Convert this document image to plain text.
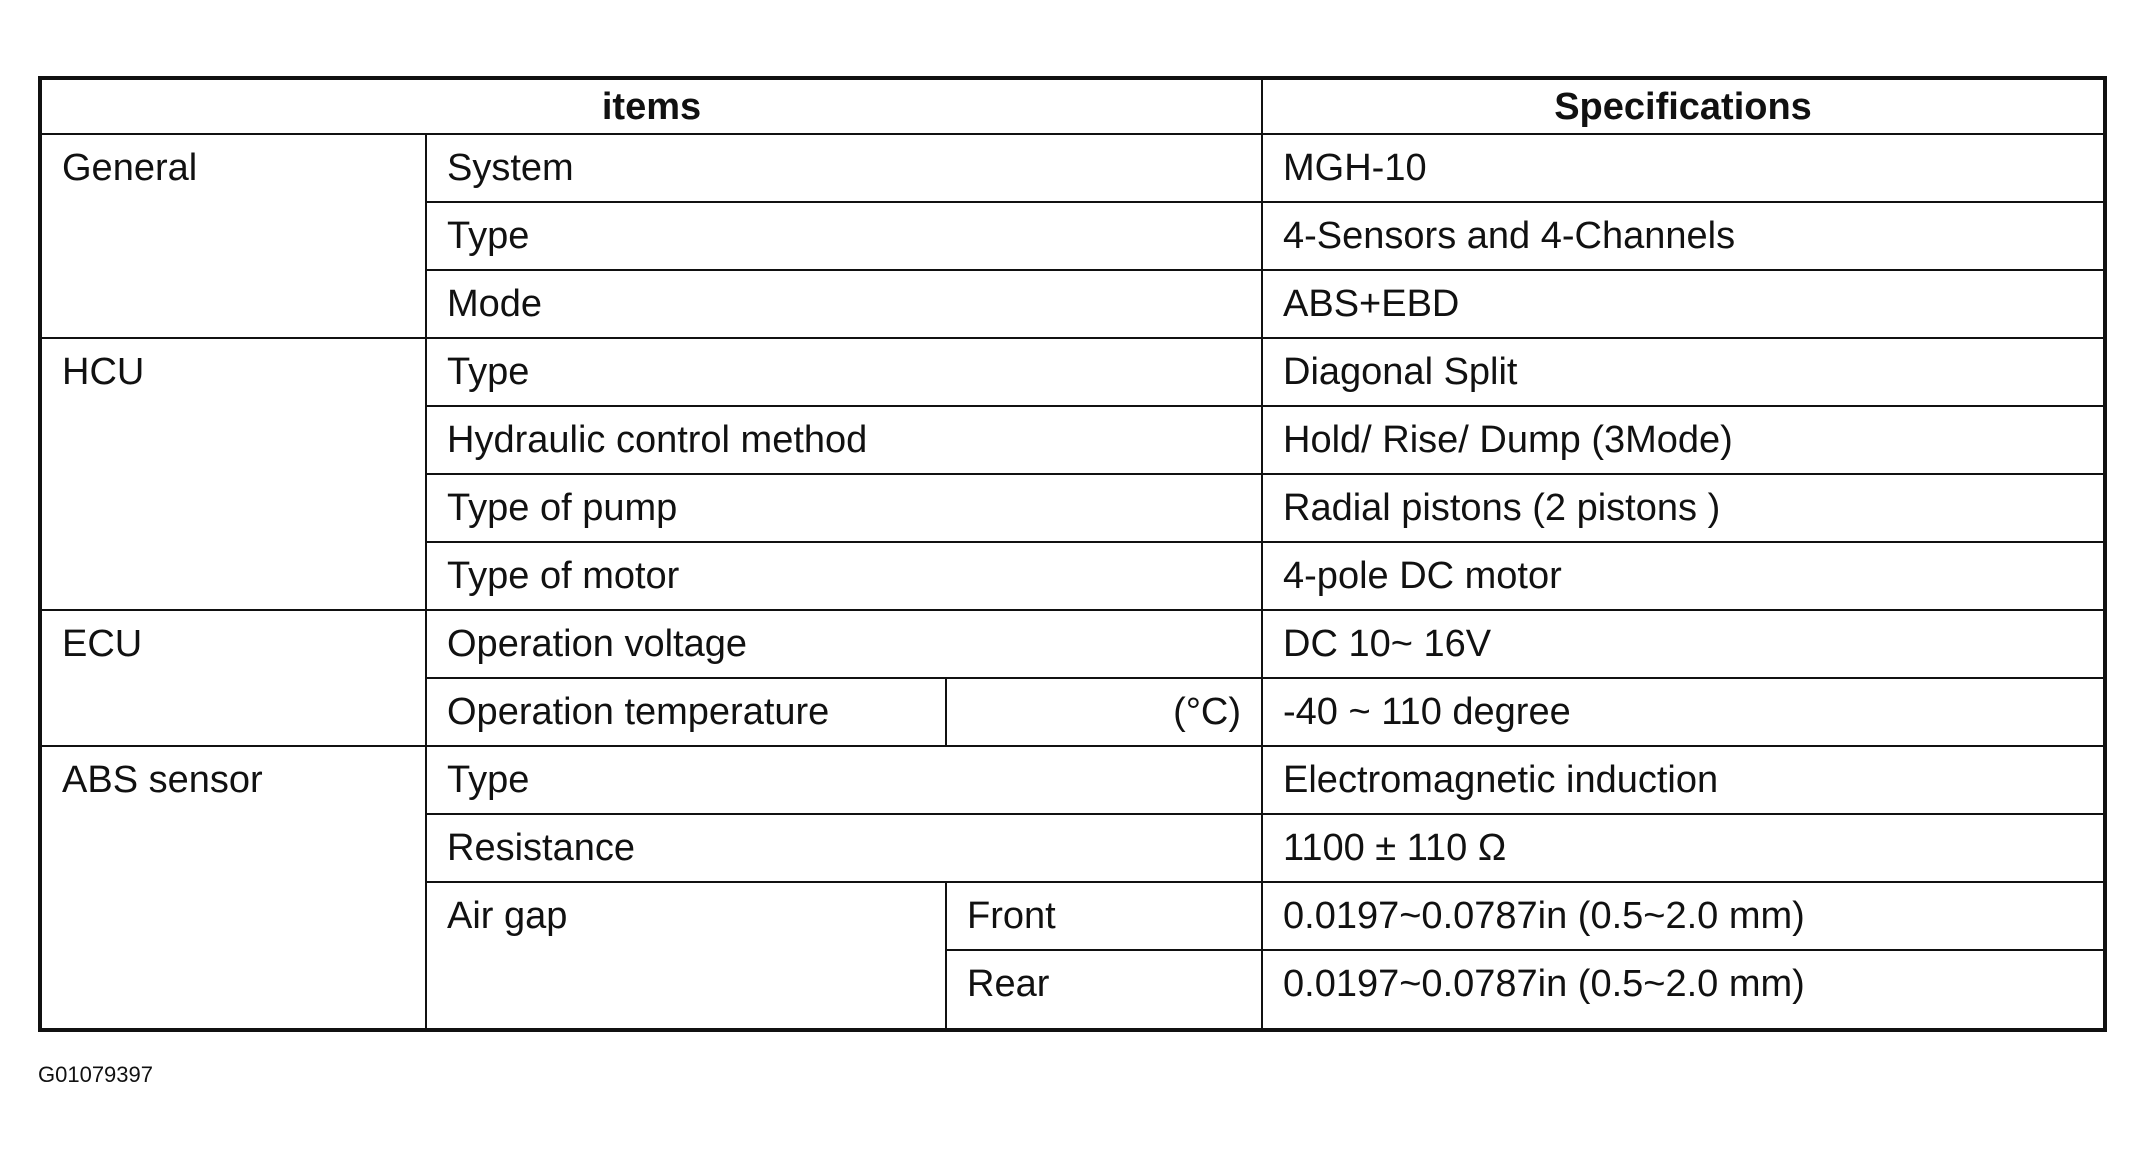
items			Specifications
General	System		MGH-10
	Type		4-Sensors and 4-Channels
	Mode		ABS+EBD
HCU	Type		Diagonal Split
	Hydraulic control method		Hold/ Rise/ Dump (3Mode)
	Type of pump		Radial pistons (2 pistons )
	Type of motor		4-pole DC motor
ECU	Operation voltage		DC 10~ 16V
	Operation temperature	(°C)	-40 ~ 110 degree
ABS sensor	Type		Electromagnetic induction
	Resistance		1100 ± 110 Ω
	Air gap	Front	0.0197~0.0787in (0.5~2.0 mm)
		Rear	0.0197~0.0787in (0.5~2.0 mm)
G01079397
